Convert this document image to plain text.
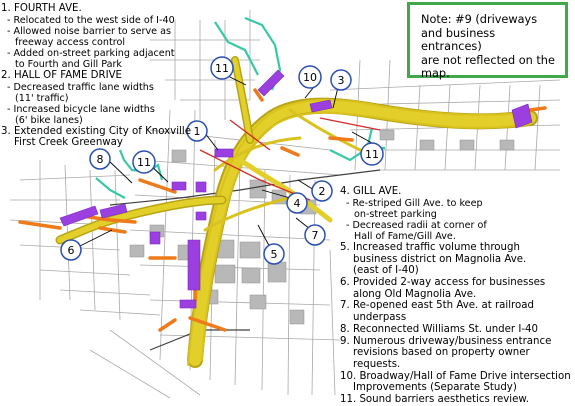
11
10 3
1
11
8	11
2
4
7
5
6
1. FOURTH AVE.
- Relocated to the west side of I-40
- Allowed noise barrier to serve as
freeway access control
- Added on-street parking adjacent
to Fourth and Gill Park
2. HALL OF FAME DRIVE
- Decreased traffic lane widths
(11' traffic)
- Increased bicycle lane widths
(6' bike lanes)
3. Extended existing City of Knoxville
First Creek Greenway
4. GILL AVE.
- Re-striped Gill Ave. to keep
on-street parking
- Decreased radii at corner of
Hall of Fame/Gill Ave.
5. Increased traffic volume through
business district on Magnolia Ave.
(east of I-40)
6. Provided 2-way access for businesses
along Old Magnolia Ave.
7. Re-opened east 5th Ave. at railroad
underpass
8. Reconnected Williams St. under I-40
9. Numerous driveway/business entrance
revisions based on property owner requests.
10. Broadway/Hall of Fame Drive intersection
Improvements (Separate Study)
11. Sound barriers aesthetics review.
Note: #9 (driveways
and business entrances)
are not reflected on the
map.
